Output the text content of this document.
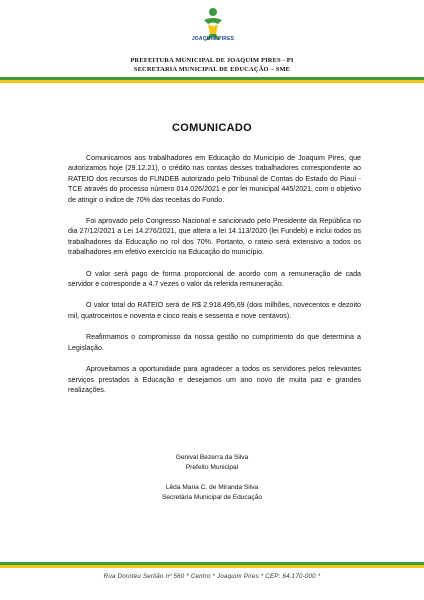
JOAQUIM PIRES
PREFEITURA MUNICIPAL DE JOAQUIM PIRES - PI
SECRETARIA MUNICIPAL DE EDUCAÇÃO – SME
COMUNICADO

Comunicamos aos trabalhadores em Educação do Município de Joaquim Pires, que autorizamos hoje (29.12.21), o crédito nas contas desses trabalhadores correspondente ao RATEIO dos recursos do FUNDEB autorizado pelo Tribunal de Contas do Estado do Piauí - TCE através do processo número 014.026/2021 e por lei municipal 445/2021, com o objetivo de atingir o índice de 70% das receitas do Fundo.

Foi aprovado pelo Congresso Nacional e sancionado pelo Presidente da República no dia 27/12/2021 a Lei 14.276/2021, que altera a lei 14.113/2020 (lei Fundeb) e inclui todos os trabalhadores da Educação no rol dos 70%. Portanto, o rateio será extensivo a todos os trabalhadores em efetivo exercício na Educação do município.

O valor será pago de forma proporcional de acordo com a remuneração de cada servidor e corresponde a 4.7 vezes o valor da referida remuneração.

O valor total do RATEIO será de R$ 2.918.495,69 (dois milhões, novecentos e dezoito mil, quatrocentos e noventa e cinco reais e sessenta e nove centavos).

Reafirmamos o compromisso da nossa gestão no cumprimento do que determina a Legislação.

Aproveitamos a oportunidade para agradecer a todos os servidores pelos relevantes serviços prestados à Educação e desejamos um ano novo de muita paz e grandes realizações.

Genival Bezerra da Silva
Prefeito Municipal
Lêda Maria C. de Miranda Silva
Secretária Municipal de Educação
Rua Dorotéu Serlião nº 560 * Centro * Joaquim Pires * CEP: 64.170-000 *
